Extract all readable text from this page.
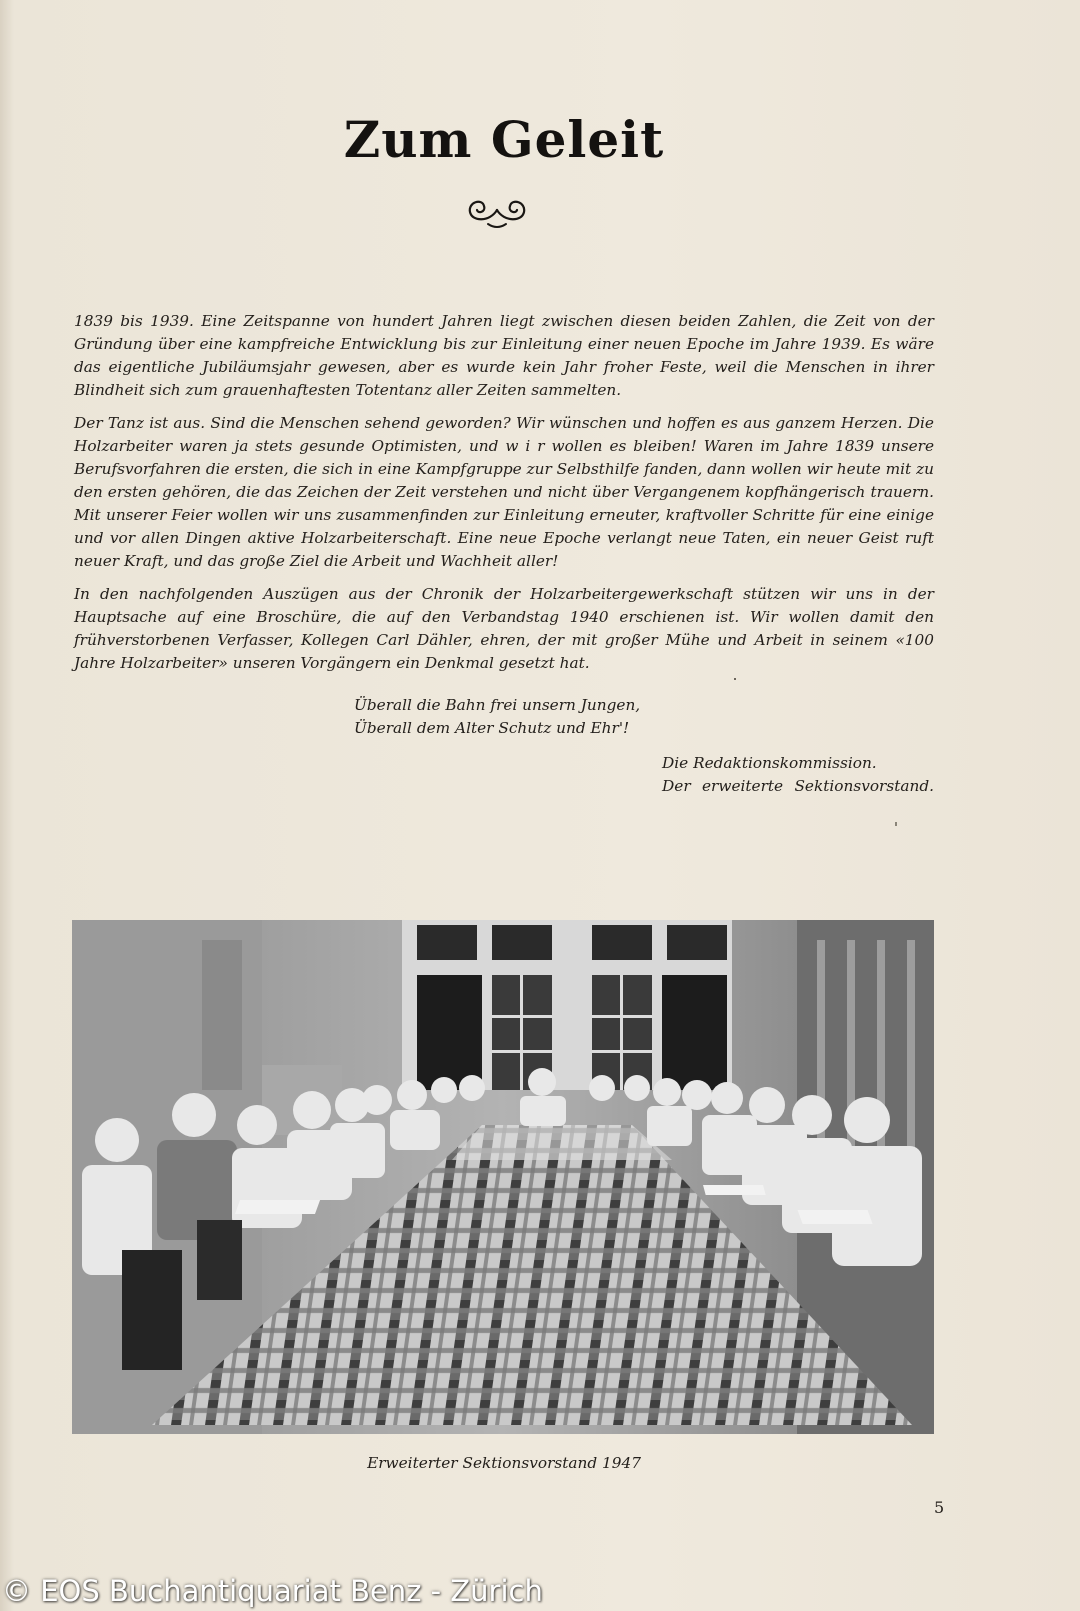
Zum Geleit

1839 bis 1939. Eine Zeitspanne von hundert Jahren liegt zwischen diesen beiden Zahlen, die Zeit von der Gründung über eine kampfreiche Entwicklung bis zur Einleitung einer neuen Epoche im Jahre 1939. Es wäre das eigentliche Jubiläumsjahr gewesen, aber es wurde kein Jahr froher Feste, weil die Menschen in ihrer Blindheit sich zum grauenhaftesten Totentanz aller Zeiten sammelten.

Der Tanz ist aus. Sind die Menschen sehend geworden? Wir wünschen und hoffen es aus ganzem Herzen. Die Holzarbeiter waren ja stets gesunde Optimisten, und w i r wollen es bleiben! Waren im Jahre 1839 unsere Berufsvorfahren die ersten, die sich in eine Kampfgruppe zur Selbsthilfe fanden, dann wollen wir heute mit zu den ersten gehören, die das Zeichen der Zeit verstehen und nicht über Vergangenem kopfhängerisch trauern. Mit unserer Feier wollen wir uns zusammenfinden zur Einleitung erneuter, kraftvoller Schritte für eine einige und vor allen Dingen aktive Holzarbeiterschaft. Eine neue Epoche verlangt neue Taten, ein neuer Geist ruft neuer Kraft, und das große Ziel die Arbeit und Wachheit aller!

In den nachfolgenden Auszügen aus der Chronik der Holzarbeitergewerkschaft stützen wir uns in der Hauptsache auf eine Broschüre, die auf den Verbandstag 1940 erschienen ist. Wir wollen damit den frühverstorbenen Verfasser, Kollegen Carl Dähler, ehren, der mit großer Mühe und Arbeit in seinem «100 Jahre Holzarbeiter» unseren Vorgängern ein Denkmal gesetzt hat.

Überall die Bahn frei unsern Jungen,
Überall dem Alter Schutz und Ehr'!
Die Redaktionskommission.
Der erweiterte Sektionsvorstand.
Erweiterter Sektionsvorstand 1947
5
© EOS Buchantiquariat Benz - Zürich
